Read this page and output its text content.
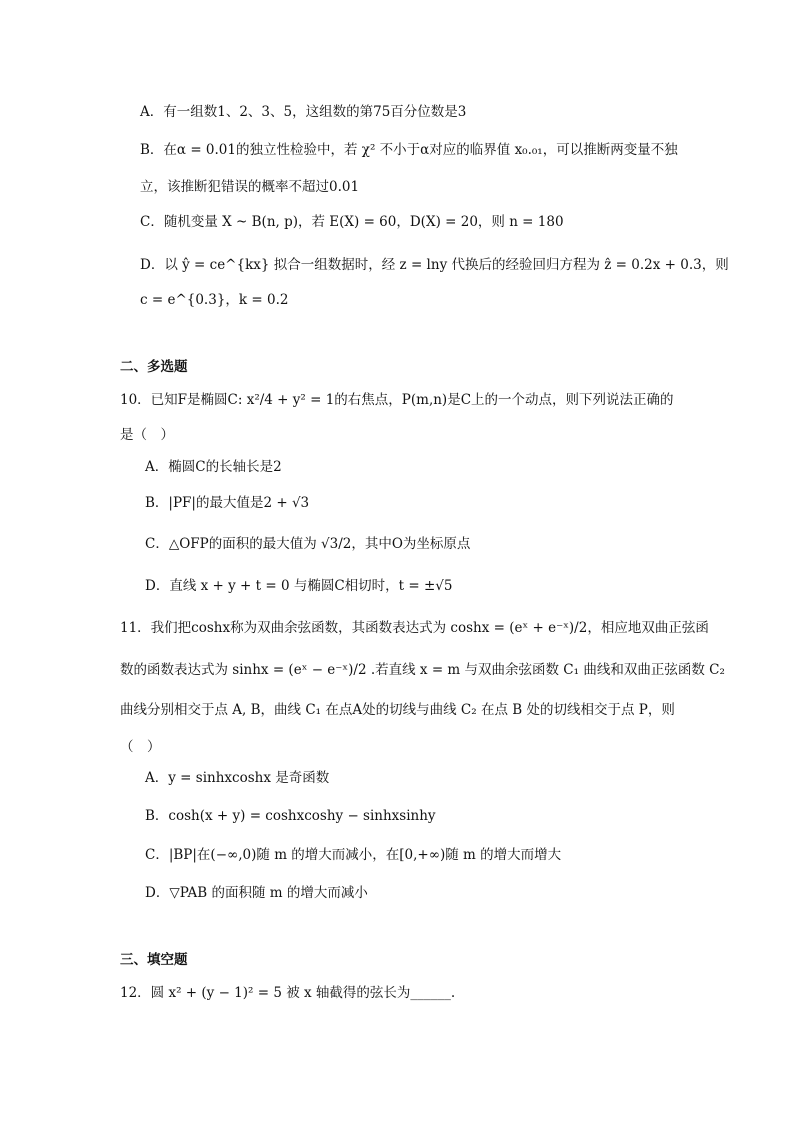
A．有一组数1、2、3、5，这组数的第75百分位数是3
B．在α = 0.01的独立性检验中，若 χ² 不小于α对应的临界值 x₀.₀₁，可以推断两变量不独
立，该推断犯错误的概率不超过0.01
C．随机变量 X ~ B(n, p)，若 E(X) = 60，D(X) = 20，则 n = 180
D．以 ŷ = ce^{kx} 拟合一组数据时，经 z = lny 代换后的经验回归方程为 ẑ = 0.2x + 0.3，则
c = e^{0.3}，k = 0.2
二、多选题
10．已知F是椭圆C: x²/4 + y² = 1的右焦点，P(m,n)是C上的一个动点，则下列说法正确的
是（　）
A．椭圆C的长轴长是2
B．|PF|的最大值是2 + √3
C．△OFP的面积的最大值为 √3/2，其中O为坐标原点
D．直线 x + y + t = 0 与椭圆C相切时，t = ±√5
11．我们把coshx称为双曲余弦函数，其函数表达式为 coshx = (eˣ + e⁻ˣ)/2，相应地双曲正弦函
数的函数表达式为 sinhx = (eˣ − e⁻ˣ)/2 .若直线 x = m 与双曲余弦函数 C₁ 曲线和双曲正弦函数 C₂
曲线分别相交于点 A, B，曲线 C₁ 在点A处的切线与曲线 C₂ 在点 B 处的切线相交于点 P，则
（　）
A．y = sinhxcoshx 是奇函数
B．cosh(x + y) = coshxcoshy − sinhxsinhy
C．|BP|在(−∞,0)随 m 的增大而减小，在[0,+∞)随 m 的增大而增大
D．▽PAB 的面积随 m 的增大而减小
三、填空题
12．圆 x² + (y − 1)² = 5 被 x 轴截得的弦长为______.
